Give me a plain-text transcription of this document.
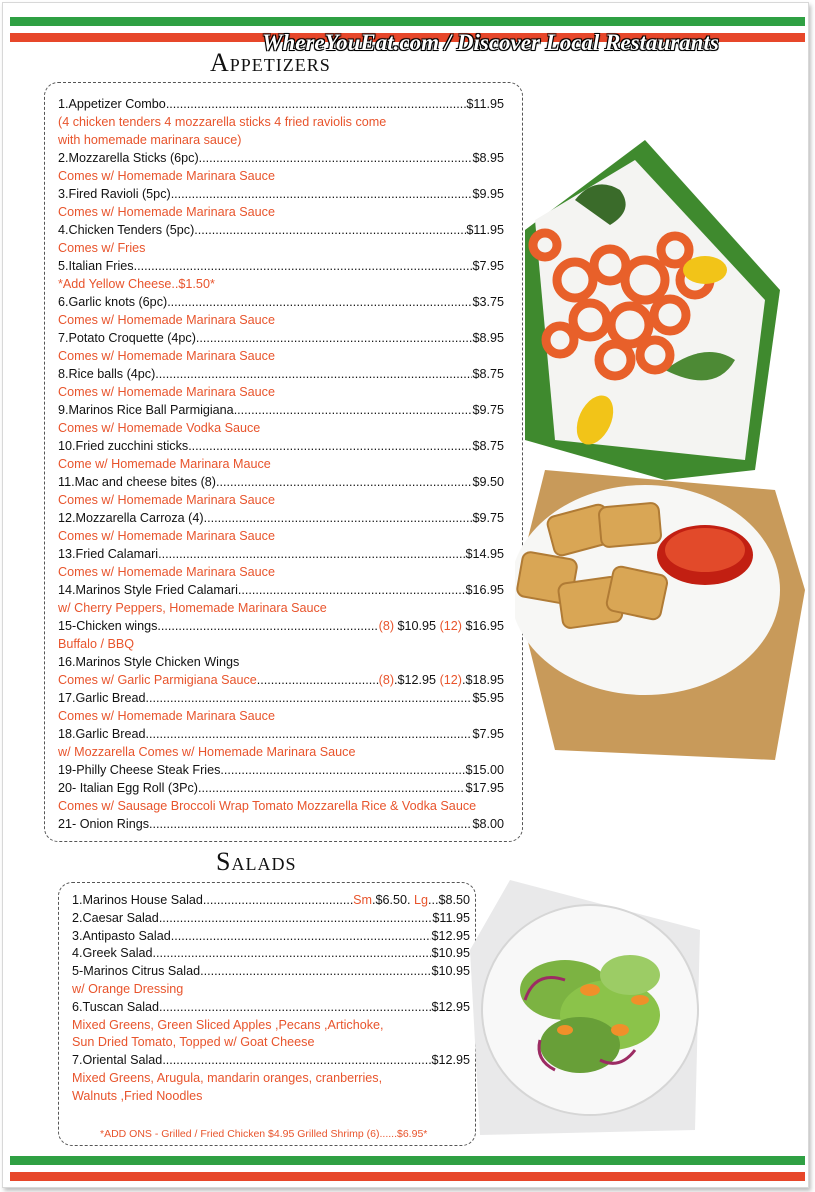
WhereYouEat.com / Discover Local Restaurants
Appetizers
1.Appetizer Combo .....	$11.95
(4 chicken tenders 4 mozzarella sticks 4 fried raviolis come
with homemade marinara sauce)
2.Mozzarella Sticks (6pc) .....	$8.95
Comes w/ Homemade Marinara Sauce
3.Fired Ravioli (5pc) .....	$9.95
Comes w/ Homemade Marinara Sauce
4.Chicken Tenders (5pc) .....	$11.95
Comes w/ Fries
5.Italian Fries .....	$7.95
*Add Yellow Cheese..$1.50*
6.Garlic knots (6pc) .....	$3.75
Comes w/ Homemade Marinara Sauce
7.Potato Croquette (4pc) .....	$8.95
Comes w/ Homemade Marinara Sauce
8.Rice balls (4pc) .....	$8.75
Comes w/ Homemade Marinara Sauce
9.Marinos Rice Ball Parmigiana .....	$9.75
Comes w/ Homemade Vodka Sauce
10.Fried zucchini sticks .....	$8.75
Come w/ Homemade Marinara Mauce
11.Mac and cheese bites (8) .....	$9.50
Comes w/ Homemade Marinara Sauce
12.Mozzarella Carroza (4) .....	$9.75
Comes w/ Homemade Marinara Sauce
13.Fried Calamari .....	$14.95
Comes w/ Homemade Marinara Sauce
14.Marinos Style Fried Calamari .....	$16.95
w/ Cherry Peppers, Homemade Marinara Sauce
15-Chicken wings .....	(8) $10.95 (12) $16.95
Buffalo / BBQ
16.Marinos Style Chicken Wings
Comes w/ Garlic Parmigiana Sauce .....	(8).$12.95 (12).$18.95
17.Garlic Bread .....	$5.95
Comes w/ Homemade Marinara Sauce
18.Garlic Bread .....	$7.95
w/ Mozzarella Comes w/ Homemade Marinara Sauce
19-Philly Cheese Steak Fries .....	$15.00
20- Italian Egg Roll (3Pc) .....	$17.95
Comes w/ Sausage Broccoli Wrap Tomato Mozzarella Rice & Vodka Sauce
21- Onion Rings .....	$8.00
Salads
1.Marinos House Salad .....	Sm.$6.50. Lg...$8.50
2.Caesar Salad .....	$11.95
3.Antipasto Salad .....	$12.95
4.Greek Salad .....	$10.95
5-Marinos Citrus Salad .....	$10.95
w/ Orange Dressing
6.Tuscan Salad .....	$12.95
Mixed Greens, Green Sliced Apples ,Pecans ,Artichoke,
Sun Dried Tomato, Topped w/ Goat Cheese
7.Oriental Salad .....	$12.95
Mixed Greens, Arugula, mandarin oranges, cranberries,
Walnuts ,Fried Noodles
*ADD ONS - Grilled / Fried Chicken $4.95 Grilled Shrimp (6)......$6.95*
